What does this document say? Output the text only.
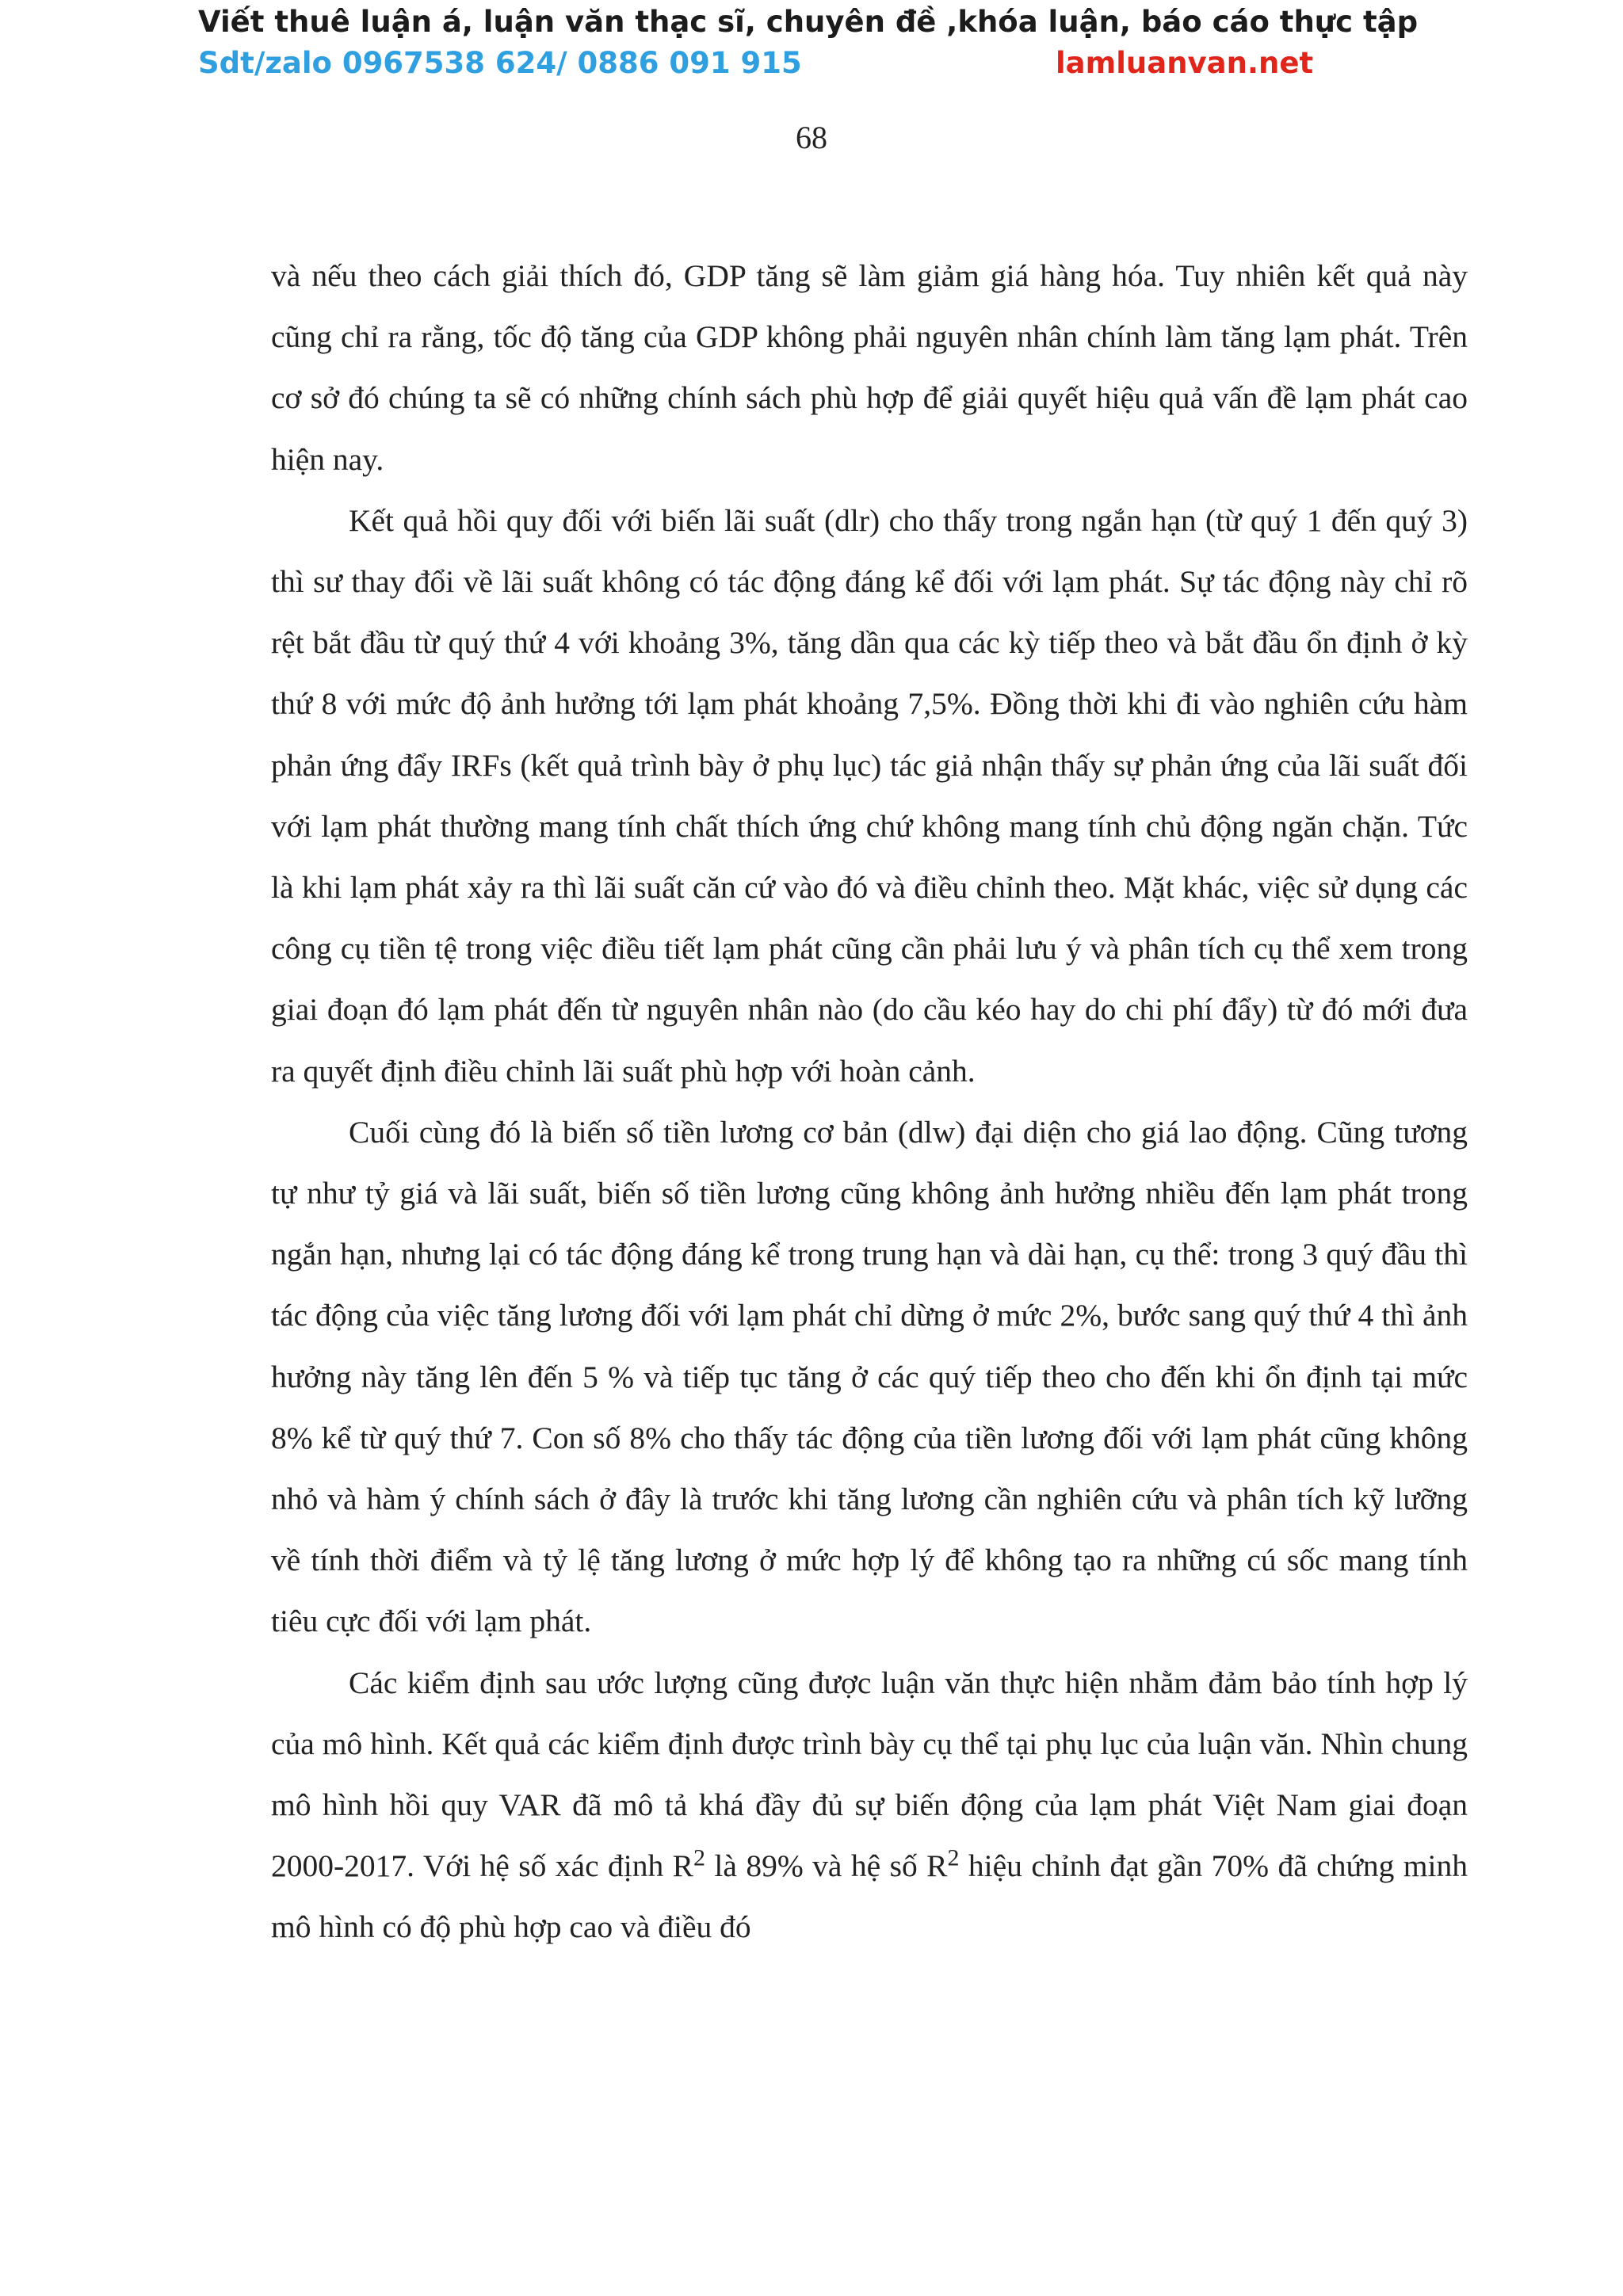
Viết thuê luận á, luận văn thạc sĩ, chuyên đề ,khóa luận, báo cáo thực tập
Sdt/zalo 0967538 624/ 0886 091 915	lamluanvan.net
68

và nếu theo cách giải thích đó, GDP tăng sẽ làm giảm giá hàng hóa. Tuy nhiên kết quả này cũng chỉ ra rằng, tốc độ tăng của GDP không phải nguyên nhân chính làm tăng lạm phát. Trên cơ sở đó chúng ta sẽ có những chính sách phù hợp để giải quyết hiệu quả vấn đề lạm phát cao hiện nay.

Kết quả hồi quy đối với biến lãi suất (dlr) cho thấy trong ngắn hạn (từ quý 1 đến quý 3) thì sư thay đổi về lãi suất không có tác động đáng kể đối với lạm phát. Sự tác động này chỉ rõ rệt bắt đầu từ quý thứ 4 với khoảng 3%, tăng dần qua các kỳ tiếp theo và bắt đầu ổn định ở kỳ thứ 8 với mức độ ảnh hưởng tới lạm phát khoảng 7,5%. Đồng thời khi đi vào nghiên cứu hàm phản ứng đẩy IRFs (kết quả trình bày ở phụ lục) tác giả nhận thấy sự phản ứng của lãi suất đối với lạm phát thường mang tính chất thích ứng chứ không mang tính chủ động ngăn chặn. Tức là khi lạm phát xảy ra thì lãi suất căn cứ vào đó và điều chỉnh theo. Mặt khác, việc sử dụng các công cụ tiền tệ trong việc điều tiết lạm phát cũng cần phải lưu ý và phân tích cụ thể xem trong giai đoạn đó lạm phát đến từ nguyên nhân nào (do cầu kéo hay do chi phí đẩy) từ đó mới đưa ra quyết định điều chỉnh lãi suất phù hợp với hoàn cảnh.

Cuối cùng đó là biến số tiền lương cơ bản (dlw) đại diện cho giá lao động. Cũng tương tự như tỷ giá và lãi suất, biến số tiền lương cũng không ảnh hưởng nhiều đến lạm phát trong ngắn hạn, nhưng lại có tác động đáng kể trong trung hạn và dài hạn, cụ thể: trong 3 quý đầu thì tác động của việc tăng lương đối với lạm phát chỉ dừng ở mức 2%, bước sang quý thứ 4 thì ảnh hưởng này tăng lên đến 5 % và tiếp tục tăng ở các quý tiếp theo cho đến khi ổn định tại mức 8% kể từ quý thứ 7. Con số 8% cho thấy tác động của tiền lương đối với lạm phát cũng không nhỏ và hàm ý chính sách ở đây là trước khi tăng lương cần nghiên cứu và phân tích kỹ lưỡng về tính thời điểm và tỷ lệ tăng lương ở mức hợp lý để không tạo ra những cú sốc mang tính tiêu cực đối với lạm phát.

Các kiểm định sau ước lượng cũng được luận văn thực hiện nhằm đảm bảo tính hợp lý của mô hình. Kết quả các kiểm định được trình bày cụ thể tại phụ lục của luận văn. Nhìn chung mô hình hồi quy VAR đã mô tả khá đầy đủ sự biến động của lạm phát Việt Nam giai đoạn 2000-2017. Với hệ số xác định $R^2$ là 89% và hệ số $R^2$ hiệu chỉnh đạt gần 70% đã chứng minh mô hình có độ phù hợp cao và điều đó
